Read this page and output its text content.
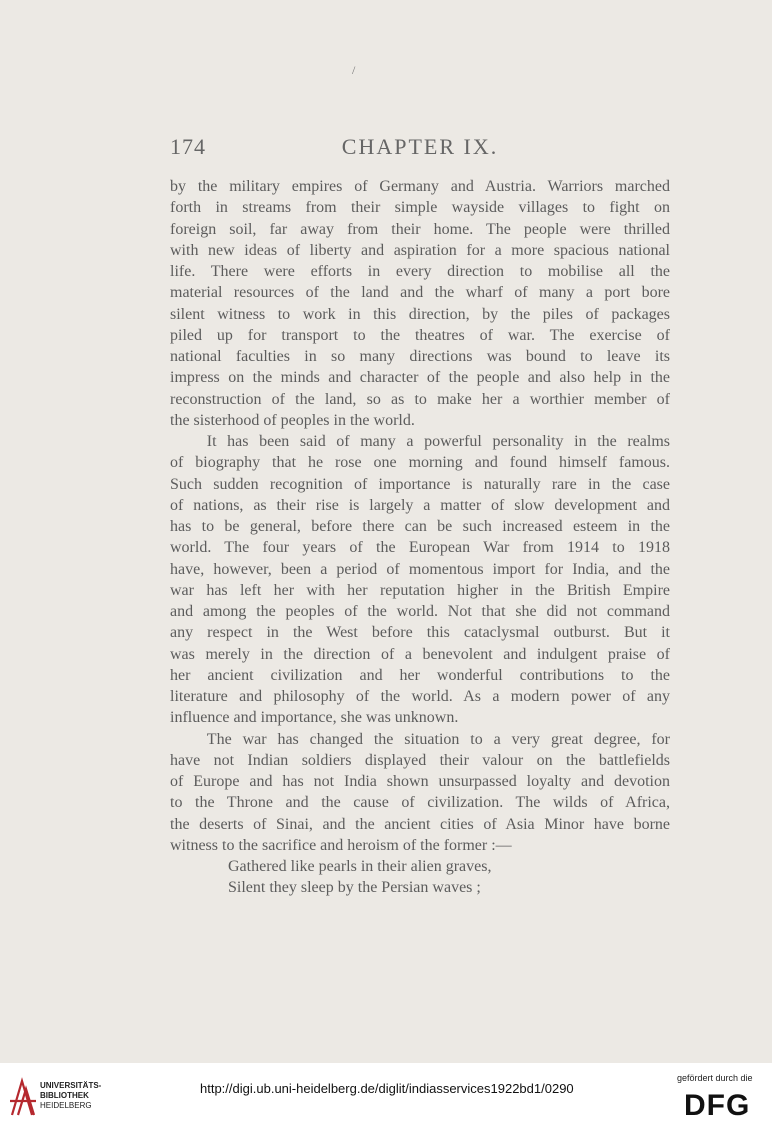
/
174	CHAPTER IX.

by the military empires of Germany and Austria. Warriors marched

forth in streams from their simple wayside villages to fight on

foreign soil, far away from their home. The people were thrilled

with new ideas of liberty and aspiration for a more spacious national

life. There were efforts in every direction to mobilise all the

material resources of the land and the wharf of many a port bore

silent witness to work in this direction, by the piles of packages

piled up for transport to the theatres of war. The exercise of

national faculties in so many directions was bound to leave its

impress on the minds and character of the people and also help in the

reconstruction of the land, so as to make her a worthier member of

the sisterhood of peoples in the world.

It has been said of many a powerful personality in the realms

of biography that he rose one morning and found himself famous.

Such sudden recognition of importance is naturally rare in the case

of nations, as their rise is largely a matter of slow development and

has to be general, before there can be such increased esteem in the

world. The four years of the European War from 1914 to 1918

have, however, been a period of momentous import for India, and the

war has left her with her reputation higher in the British Empire

and among the peoples of the world. Not that she did not command

any respect in the West before this cataclysmal outburst. But it

was merely in the direction of a benevolent and indulgent praise of

her ancient civilization and her wonderful contributions to the

literature and philosophy of the world. As a modern power of any

influence and importance, she was unknown.

The war has changed the situation to a very great degree, for

have not Indian soldiers displayed their valour on the battlefields

of Europe and has not India shown unsurpassed loyalty and devotion

to the Throne and the cause of civilization. The wilds of Africa,

the deserts of Sinai, and the ancient cities of Asia Minor have borne

witness to the sacrifice and heroism of the former :—

Gathered like pearls in their alien graves,
Silent they sleep by the Persian waves ;
UNIVERSITÄTS-
BIBLIOTHEK
HEIDELBERG
http://digi.ub.uni-heidelberg.de/diglit/indiasservices1922bd1/0290
gefördert durch die
DFG
